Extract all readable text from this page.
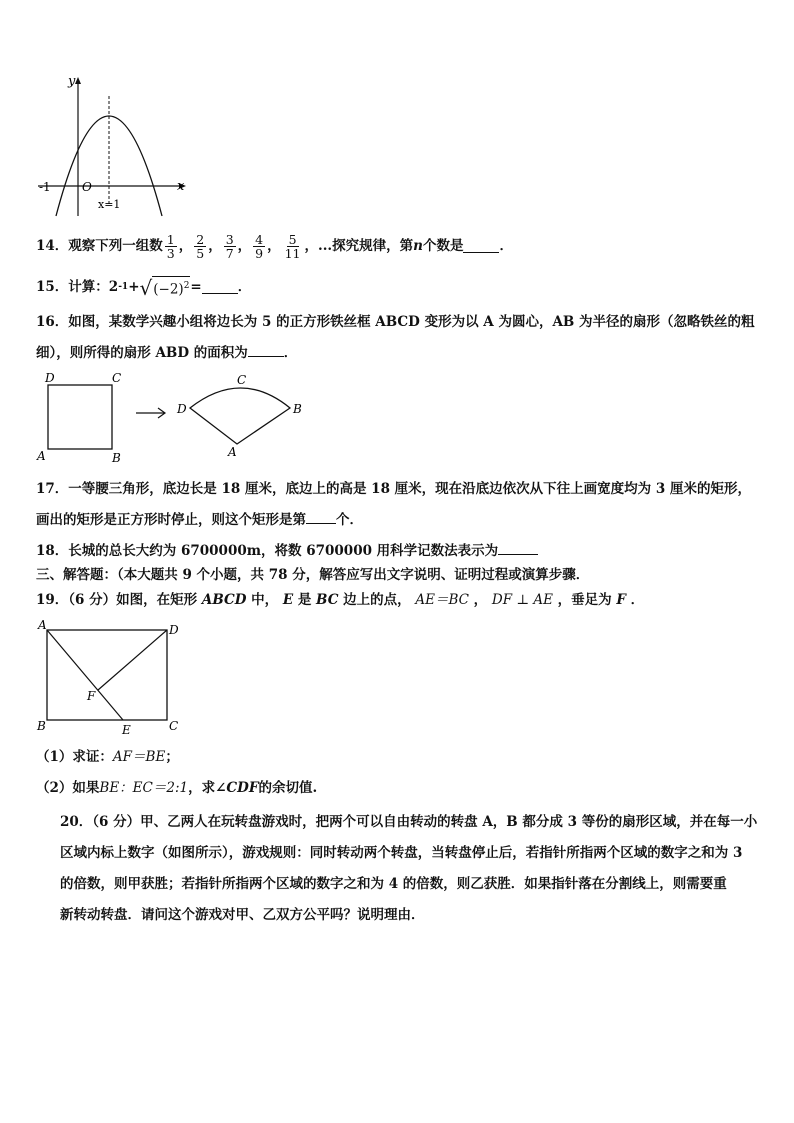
y
x
O
-1
x=1
14．观察下列一组数 $\frac{1}{3}$ ， $\frac{2}{5}$ ， $\frac{3}{7}$ ， $\frac{4}{9}$ ， $\frac{5}{11}$ ，...探究规律，第 n 个数是	．
15．计算：2 -1 + √ $(-2)^2$ =	．
16．如图，某数学兴趣小组将边长为 5 的正方形铁丝框 ABCD 变形为以 A 为圆心，AB 为半径的扇形（忽略铁丝的粗
细），则所得的扇形 ABD 的面积为	．
D	C
A	B
C
D	B
A
17．一等腰三角形，底边长是 18 厘米，底边上的高是 18 厘米，现在沿底边依次从下往上画宽度均为 3 厘米的矩形，
画出的矩形是正方形时停止，则这个矩形是第 个．
18．长城的总长大约为 6700000m，将数 6700000 用科学记数法表示为
三、解答题：（本大题共 9 个小题，共 78 分，解答应写出文字说明、证明过程或演算步骤．
19．（6 分）如图，在矩形 ABCD 中， E 是 BC 边上的点， AE＝BC ， DF ⊥ AE ，垂足为 F ．
A	D
B	C
E
F
（1）求证：AF＝BE；
（2）如果BE：EC＝2:1，求∠CDF的余切值.
20．（6 分）甲、乙两人在玩转盘游戏时，把两个可以自由转动的转盘 A，B 都分成 3 等份的扇形区域，并在每一小
区域内标上数字（如图所示），游戏规则：同时转动两个转盘，当转盘停止后，若指针所指两个区域的数字之和为 3
的倍数，则甲获胜；若指针所指两个区域的数字之和为 4 的倍数，则乙获胜．如果指针落在分割线上，则需要重
新转动转盘．请问这个游戏对甲、乙双方公平吗？说明理由．
